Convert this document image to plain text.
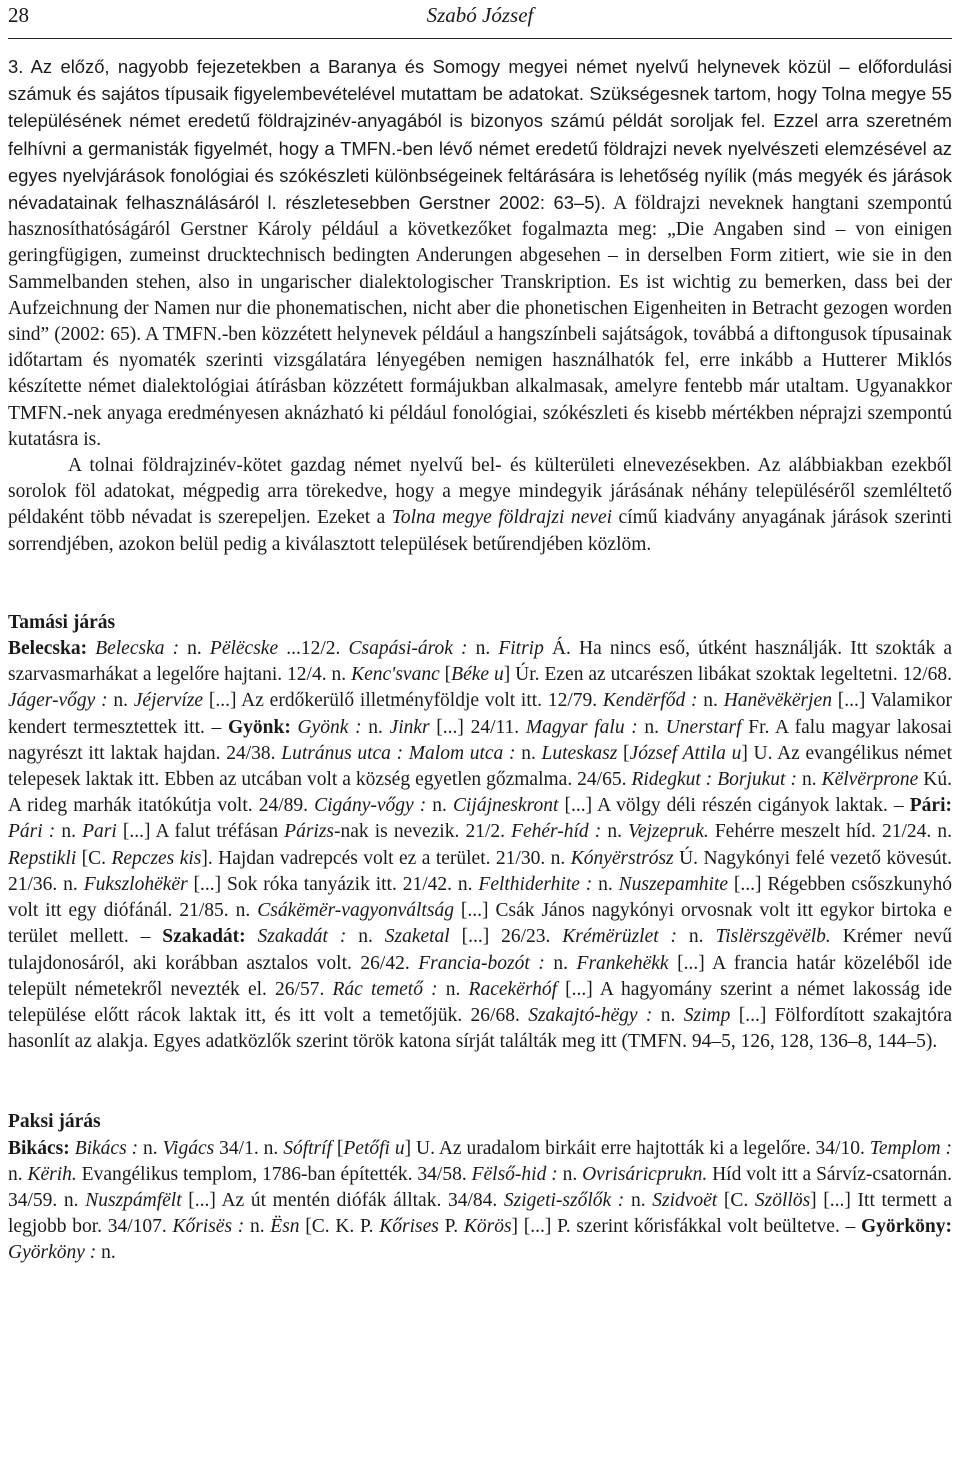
28	Szabó József

3. Az előző, nagyobb fejezetekben a Baranya és Somogy megyei német nyelvű helynevek közül – előfordulási számuk és sajátos típusaik figyelembevételével mutattam be adatokat. Szükségesnek tartom, hogy Tolna megye 55 településének német eredetű földrajzinév-anyagából is bizonyos számú példát soroljak fel. Ezzel arra szeretném felhívni a germanisták figyelmét, hogy a TMFN.-ben lévő német eredetű földrajzi nevek nyelvészeti elemzésével az egyes nyelvjárások fonológiai és szókészleti különbségeinek feltárására is lehetőség nyílik (más megyék és járások névadatainak felhasználásáról l. részletesebben Gerstner 2002: 63–5). A földrajzi neveknek hangtani szempontú hasznosíthatóságáról Gerstner Károly például a következőket fogalmazta meg: „Die Angaben sind – von einigen geringfügigen, zumeinst drucktechnisch bedingten Anderungen abgesehen – in derselben Form zitiert, wie sie in den Sammelbanden stehen, also in ungarischer dialektologischer Transkription. Es ist wichtig zu bemerken, dass bei der Aufzeichnung der Namen nur die phonematischen, nicht aber die phonetischen Eigenheiten in Betracht gezogen worden sind” (2002: 65). A TMFN.-ben közzétett helynevek például a hangszínbeli sajátságok, továbbá a diftongusok típusainak időtartam és nyomaték szerinti vizsgálatára lényegében nemigen használhatók fel, erre inkább a Hutterer Miklós készítette német dialektológiai átírásban közzétett formájukban alkalmasak, amelyre fentebb már utaltam. Ugyanakkor TMFN.-nek anyaga eredményesen aknázható ki például fonológiai, szókészleti és kisebb mértékben néprajzi szempontú kutatásra is.

A tolnai földrajzinév-kötet gazdag német nyelvű bel- és külterületi elnevezésekben. Az alábbiakban ezekből sorolok föl adatokat, mégpedig arra törekedve, hogy a megye mindegyik járásának néhány településéről szemléltető példaként több névadat is szerepeljen. Ezeket a Tolna megye földrajzi nevei című kiadvány anyagának járások szerinti sorrendjében, azokon belül pedig a kiválasztott települések betűrendjében közlöm.

Tamási járás

Belecska: Belecska : n. Pëlëcske ...12/2. Csapási-árok : n. Fitrip Á. Ha nincs eső, útként használják. Itt szokták a szarvasmarhákat a legelőre hajtani. 12/4. n. Kenc'svanc [Béke u] Úr. Ezen az utcarészen libákat szoktak legeltetni. 12/68. Jáger-vőgy : n. Jéjervíze [...] Az erdőkerülő illetményföldje volt itt. 12/79. Kendërfőd : n. Hanëvëkërjen [...] Valamikor kendert termesztettek itt. – Gyönk: Gyönk : n. Jinkr [...] 24/11. Magyar falu : n. Unerstarf Fr. A falu magyar lakosai nagyrészt itt laktak hajdan. 24/38. Lutránus utca : Malom utca : n. Luteskasz [József Attila u] U. Az evangélikus német telepesek laktak itt. Ebben az utcában volt a község egyetlen gőzmalma. 24/65. Ridegkut : Borjukut : n. Këlvërprone Kú. A rideg marhák itatókútja volt. 24/89. Cigány-vőgy : n. Cijájneskront [...] A völgy déli részén cigányok laktak. – Pári: Pári : n. Pari [...] A falut tréfásan Párizs-nak is nevezik. 21/2. Fehér-híd : n. Vejzepruk. Fehérre meszelt híd. 21/24. n. Repstikli [C. Repczes kis]. Hajdan vadrepcés volt ez a terület. 21/30. n. Kónyërstrósz Ú. Nagykónyi felé vezető kövesút. 21/36. n. Fukszlohëkër [...] Sok róka tanyázik itt. 21/42. n. Felthiderhite : n. Nuszepamhite [...] Régebben csőszkunyhó volt itt egy diófánál. 21/85. n. Csákëmër-vagyonváltság [...] Csák János nagykónyi orvosnak volt itt egykor birtoka e terület mellett. – Szakadát: Szakadát : n. Szaketal [...] 26/23. Krémërüzlet : n. Tislërszgëvëlb. Krémer nevű tulajdonosáról, aki korábban asztalos volt. 26/42. Francia-bozót : n. Frankehëkk [...] A francia határ közeléből ide települt németekről nevezték el. 26/57. Rác temető : n. Racekërhóf [...] A hagyomány szerint a német lakosság ide települése előtt rácok laktak itt, és itt volt a temetőjük. 26/68. Szakajtó-hëgy : n. Szimp [...] Fölfordított szakajtóra hasonlít az alakja. Egyes adatközlők szerint török katona sírját találták meg itt (TMFN. 94–5, 126, 128, 136–8, 144–5).

Paksi járás

Bikács: Bikács : n. Vigács 34/1. n. Sóftríf [Petőfi u] U. Az uradalom birkáit erre hajtották ki a legelőre. 34/10. Templom : n. Kërih. Evangélikus templom, 1786-ban építették. 34/58. Fëlső-hid : n. Ovrisáricprukn. Híd volt itt a Sárvíz-csatornán. 34/59. n. Nuszpámfëlt [...] Az út mentén diófák álltak. 34/84. Szigeti-szőlők : n. Szidvoët [C. Szöllös] [...] Itt termett a legjobb bor. 34/107. Kőrisës : n. Ësn [C. K. P. Kőrises P. Körös] [...] P. szerint kőrisfákkal volt beültetve. – Györköny: Györköny : n.
